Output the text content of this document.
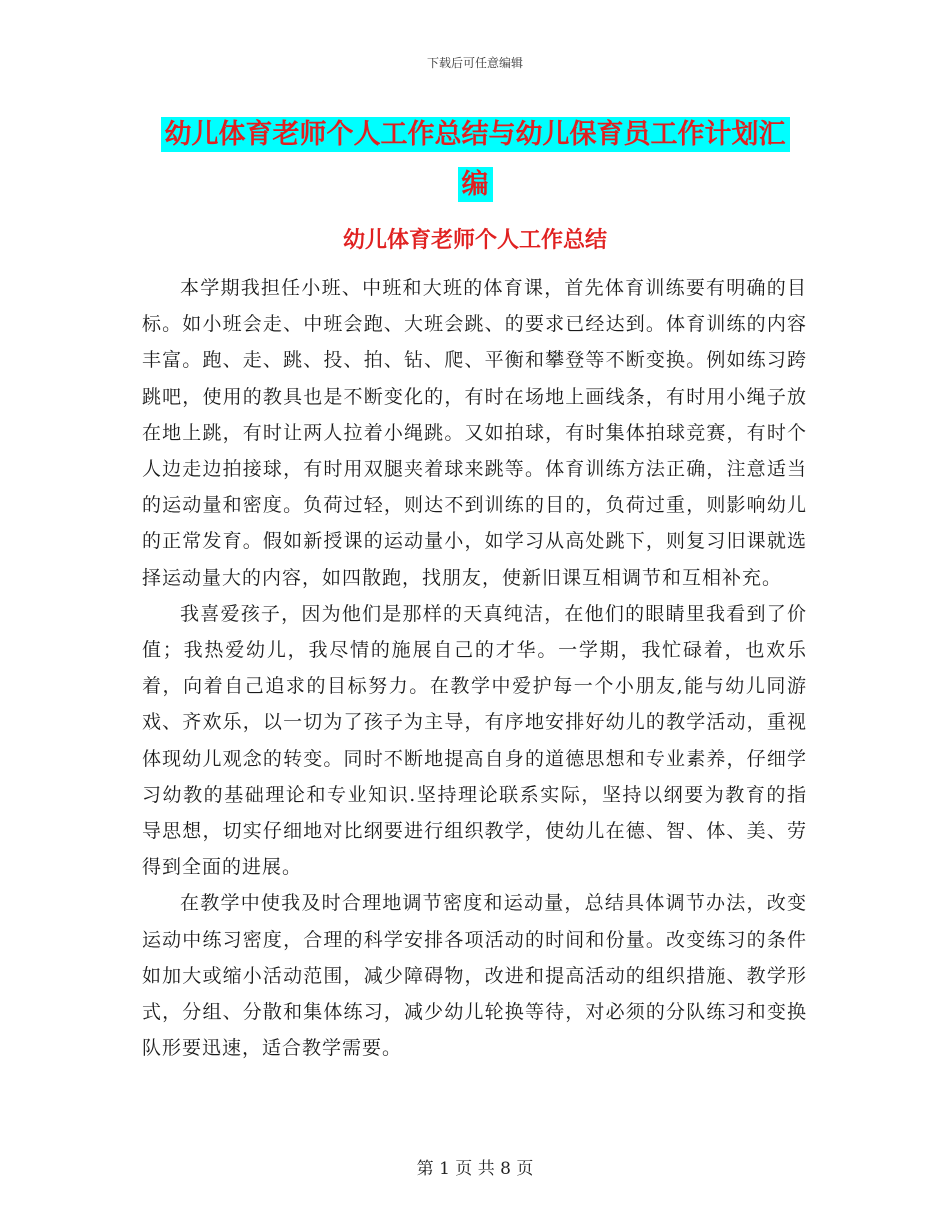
下载后可任意编辑
幼儿体育老师个人工作总结与幼儿保育员工作计划汇
编
幼儿体育老师个人工作总结

本学期我担任小班、中班和大班的体育课，首先体育训练要有明确的目标。如小班会走、中班会跑、大班会跳、的要求已经达到。体育训练的内容丰富。跑、走、跳、投、拍、钻、爬、平衡和攀登等不断变换。例如练习跨跳吧，使用的教具也是不断变化的，有时在场地上画线条，有时用小绳子放在地上跳，有时让两人拉着小绳跳。又如拍球，有时集体拍球竞赛，有时个人边走边拍接球，有时用双腿夹着球来跳等。体育训练方法正确，注意适当的运动量和密度。负荷过轻，则达不到训练的目的，负荷过重，则影响幼儿的正常发育。假如新授课的运动量小，如学习从高处跳下，则复习旧课就选择运动量大的内容，如四散跑，找朋友，使新旧课互相调节和互相补充。

我喜爱孩子，因为他们是那样的天真纯洁，在他们的眼睛里我看到了价值；我热爱幼儿，我尽情的施展自己的才华。一学期，我忙碌着，也欢乐着，向着自己追求的目标努力。在教学中爱护每一个小朋友,能与幼儿同游戏、齐欢乐，以一切为了孩子为主导，有序地安排好幼儿的教学活动，重视体现幼儿观念的转变。同时不断地提高自身的道德思想和专业素养，仔细学习幼教的基础理论和专业知识.坚持理论联系实际，坚持以纲要为教育的指导思想，切实仔细地对比纲要进行组织教学，使幼儿在德、智、体、美、劳得到全面的进展。

在教学中使我及时合理地调节密度和运动量，总结具体调节办法，改变运动中练习密度，合理的科学安排各项活动的时间和份量。改变练习的条件如加大或缩小活动范围，减少障碍物，改进和提高活动的组织措施、教学形式，分组、分散和集体练习，减少幼儿轮换等待，对必须的分队练习和变换队形要迅速，适合教学需要。

第 1 页 共 8 页
